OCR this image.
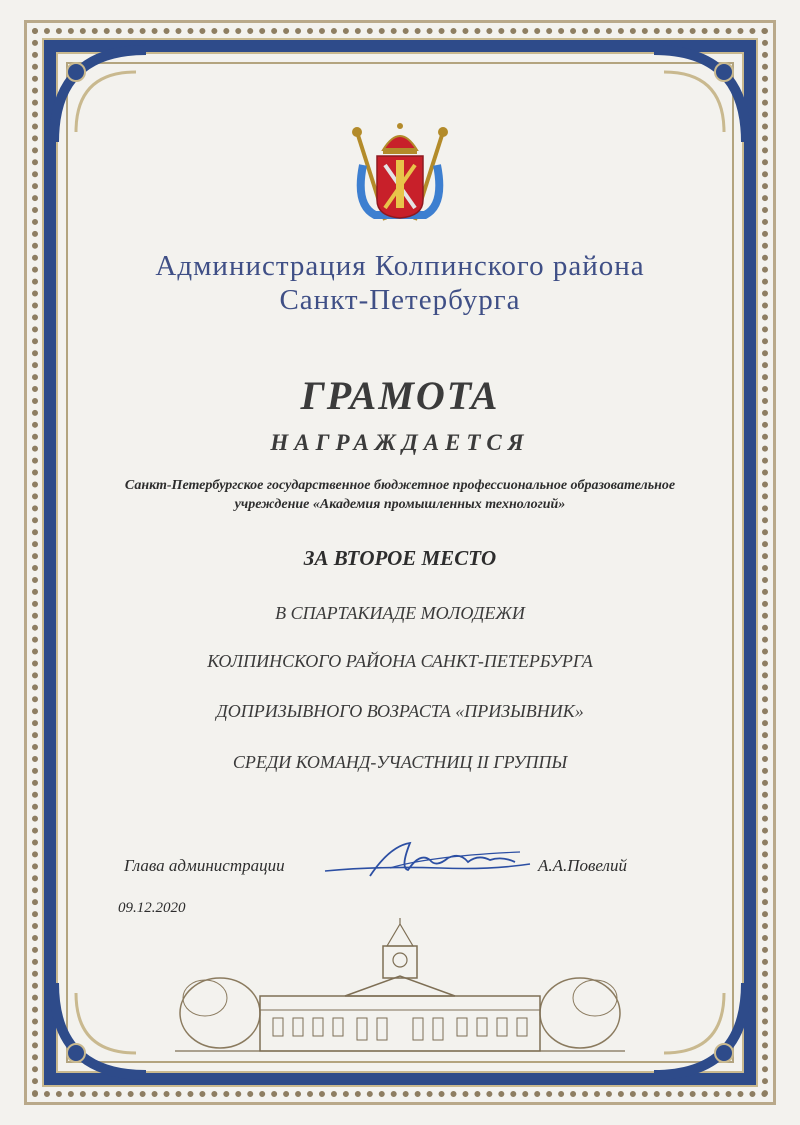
Администрация Колпинского района
Санкт-Петербурга
ГРАМОТА
НАГРАЖДАЕТСЯ
Санкт-Петербургское государственное бюджетное профессиональное образовательное
учреждение «Академия промышленных технологий»
ЗА ВТОРОЕ МЕСТО
В СПАРТАКИАДЕ МОЛОДЕЖИ
КОЛПИНСКОГО РАЙОНА САНКТ-ПЕТЕРБУРГА
ДОПРИЗЫВНОГО ВОЗРАСТА «ПРИЗЫВНИК»
СРЕДИ КОМАНД-УЧАСТНИЦ II ГРУППЫ
Глава администрации	А.А.Повелий
09.12.2020
